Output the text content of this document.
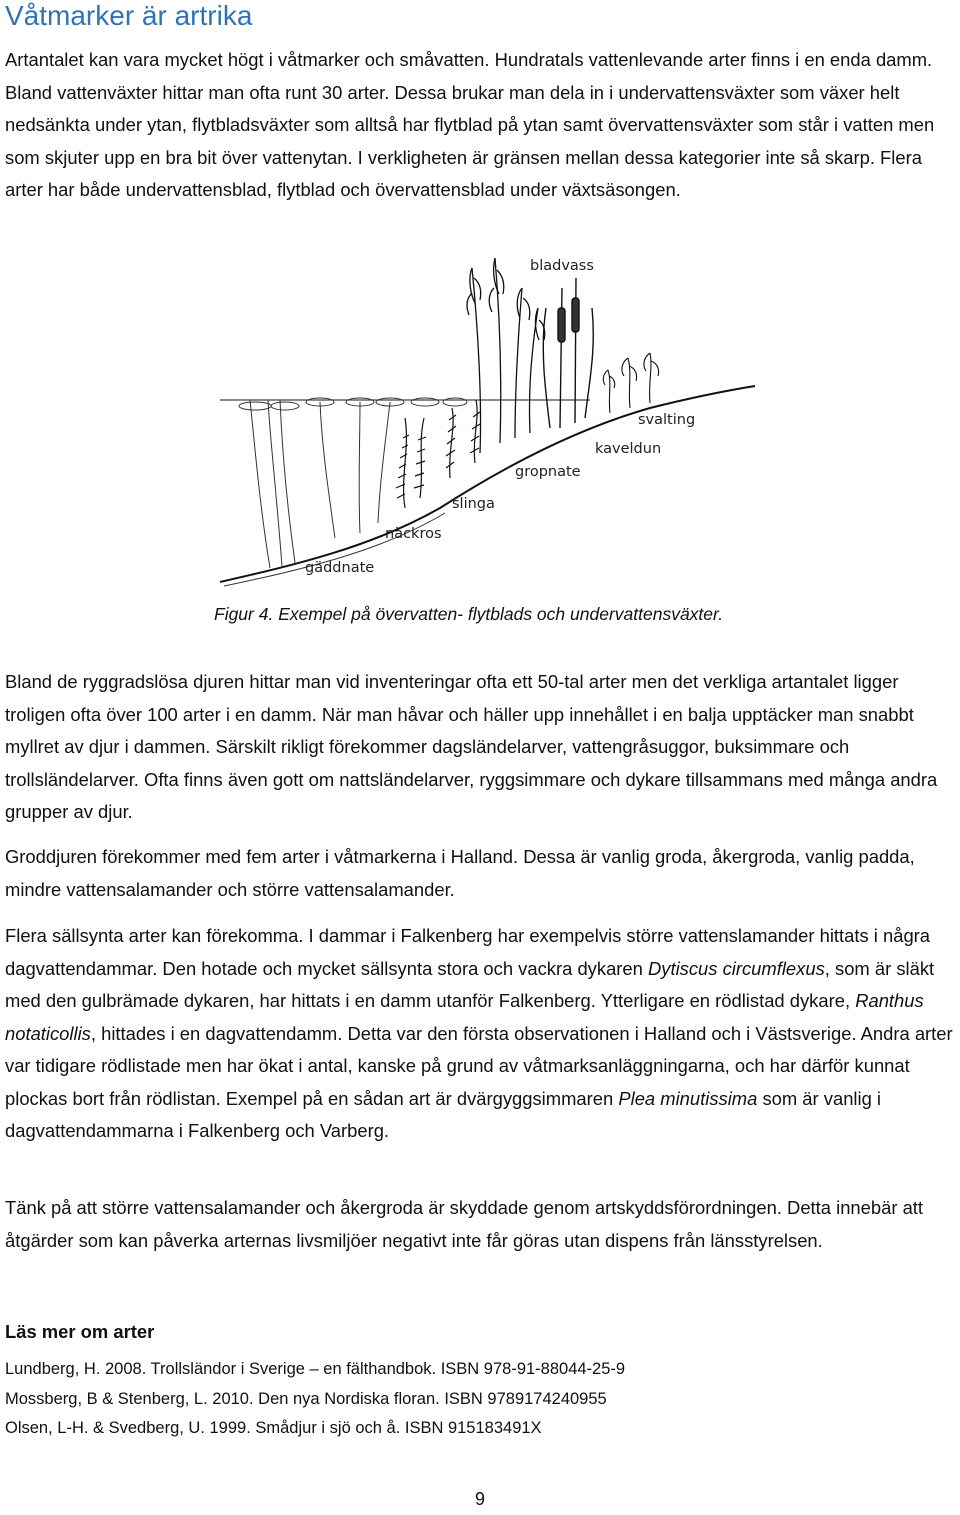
Våtmarker är artrika

Artantalet kan vara mycket högt i våtmarker och småvatten. Hundratals vattenlevande arter finns i en enda damm. Bland vattenväxter hittar man ofta runt 30 arter. Dessa brukar man dela in i undervattensväxter som växer helt nedsänkta under ytan, flytbladsväxter som alltså har flytblad på ytan samt övervattensväxter som står i vatten men som skjuter upp en bra bit över vattenytan. I verkligheten är gränsen mellan dessa kategorier inte så skarp. Flera arter har både undervattensblad, flytblad och övervattensblad under växtsäsongen.

bladvass
svalting
kaveldun
gropnate
slinga
näckros
gäddnate

Figur 4. Exempel på övervatten- flytblads och undervattensväxter.

Bland de ryggradslösa djuren hittar man vid inventeringar ofta ett 50-tal arter men det verkliga artantalet ligger troligen ofta över 100 arter i en damm. När man håvar och häller upp innehållet i en balja upptäcker man snabbt myllret av djur i dammen. Särskilt rikligt förekommer dagsländelarver, vattengråsuggor, buksimmare och trollsländelarver. Ofta finns även gott om nattsländelarver, ryggsimmare och dykare tillsammans med många andra grupper av djur.

Groddjuren förekommer med fem arter i våtmarkerna i Halland. Dessa är vanlig groda, åkergroda, vanlig padda, mindre vattensalamander och större vattensalamander.

Flera sällsynta arter kan förekomma. I dammar i Falkenberg har exempelvis större vattenslamander hittats i några dagvattendammar. Den hotade och mycket sällsynta stora och vackra dykaren Dytiscus circumflexus, som är släkt med den gulbrämade dykaren, har hittats i en damm utanför Falkenberg. Ytterligare en rödlistad dykare, Ranthus notaticollis, hittades i en dagvattendamm. Detta var den första observationen i Halland och i Västsverige. Andra arter var tidigare rödlistade men har ökat i antal, kanske på grund av våtmarksanläggningarna, och har därför kunnat plockas bort från rödlistan. Exempel på en sådan art är dvärgyggsimmaren Plea minutissima som är vanlig i dagvattendammarna i Falkenberg och Varberg.

Tänk på att större vattensalamander och åkergroda är skyddade genom artskyddsförordningen. Detta innebär att åtgärder som kan påverka arternas livsmiljöer negativt inte får göras utan dispens från länsstyrelsen.

Läs mer om arter
Lundberg, H. 2008. Trollsländor i Sverige – en fälthandbok. ISBN 978-91-88044-25-9
Mossberg, B & Stenberg, L. 2010. Den nya Nordiska floran. ISBN 9789174240955
Olsen, L-H. & Svedberg, U. 1999. Smådjur i sjö och å. ISBN 915183491X
9
